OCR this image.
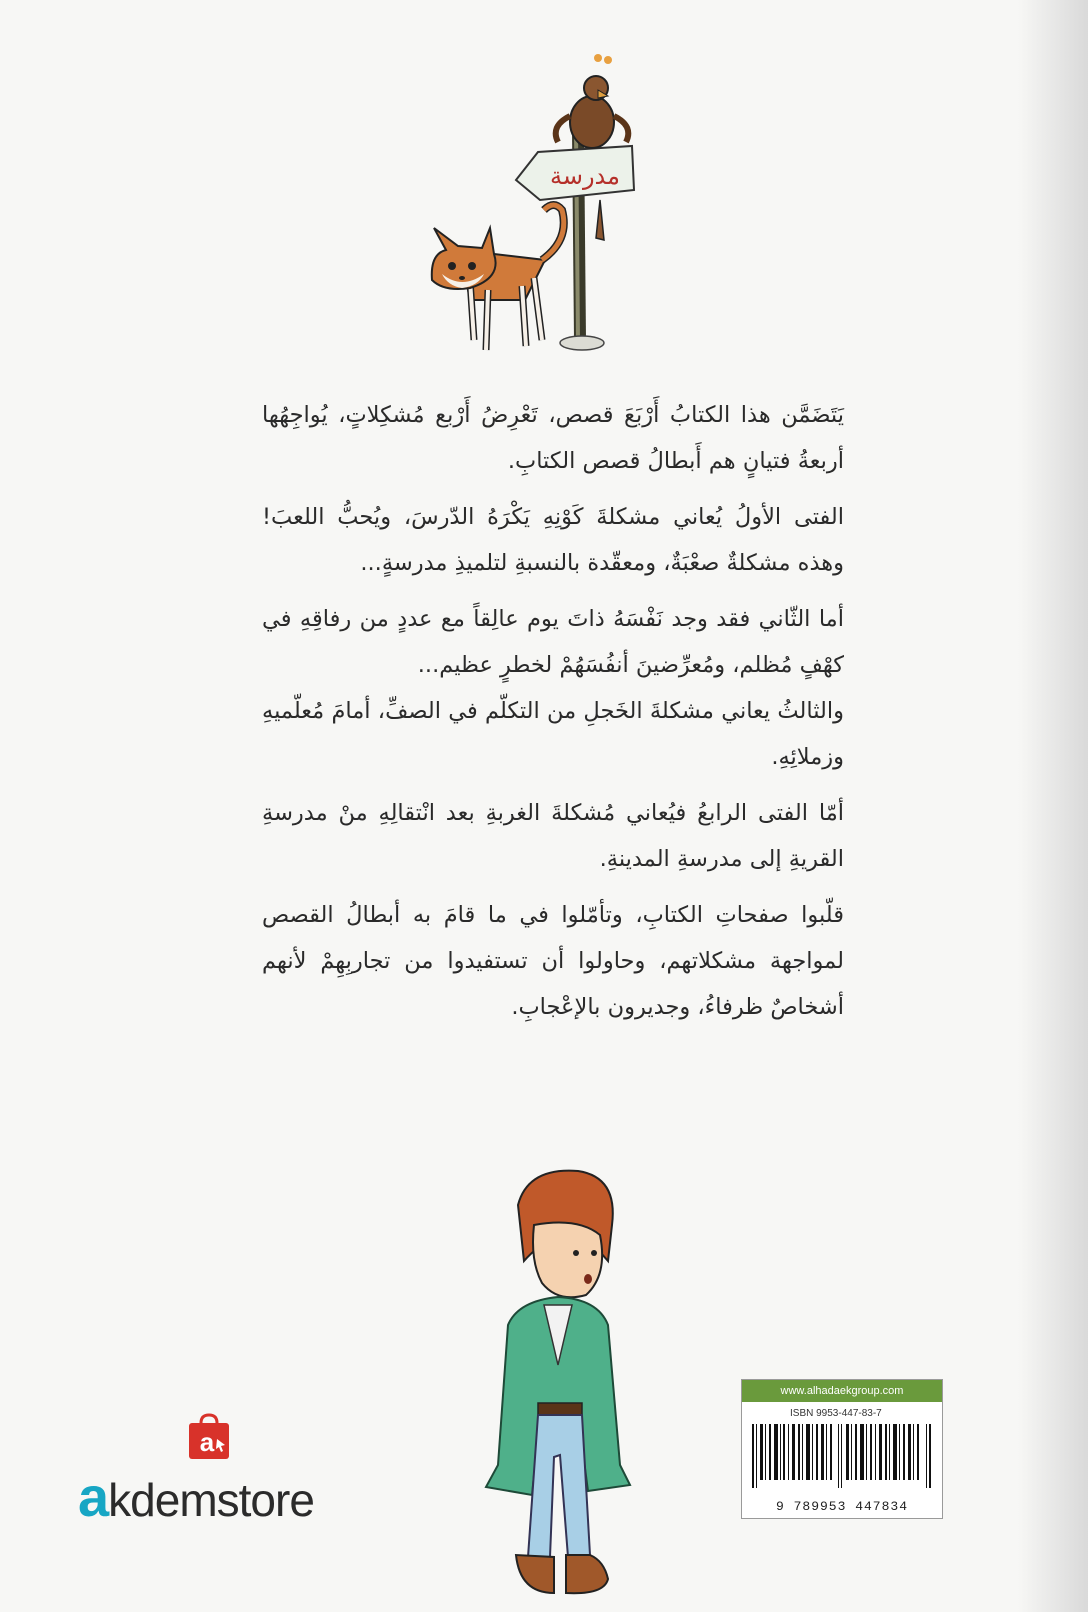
مدرسة

يَتَضَمَّن هذا الكتابُ أَرْبَعَ قصص، تَعْرِضُ أَرْبع مُشكِلاتٍ، يُواجِهُها أربعةُ فتيانٍ هم أَبطالُ قصص الكتابِ.

الفتى الأولُ يُعاني مشكلةَ كَوْنِهِ يَكْرَهُ الدّرسَ، ويُحبُّ اللعبَ! وهذه مشكلةٌ صعْبَةٌ، ومعقّدة بالنسبةِ لتلميذِ مدرسةٍ...

أما الثّاني فقد وجد نَفْسَهُ ذاتَ يوم عالِقاً مع عددٍ من رفاقِهِ في كهْفٍ مُظلم، ومُعرِّضينَ أنفُسَهُمْ لخطرٍ عظيم...

والثالثُ يعاني مشكلةَ الخَجلِ من التكلّم في الصفِّ، أمامَ مُعلّميهِ وزملائِهِ.

أمّا الفتى الرابعُ فيُعاني مُشكلةَ الغربةِ بعد انْتقالِهِ منْ مدرسةِ القريةِ إلى مدرسةِ المدينةِ.

قلّبوا صفحاتِ الكتابِ، وتأمّلوا في ما قامَ به أبطالُ القصص لمواجهة مشكلاتهم، وحاولوا أن تستفيدوا من تجاربِهِمْ لأنهم أشخاصٌ ظرفاءُ، وجديرون بالإعْجابِ.

www.alhadaekgroup.com
ISBN 9953-447-83-7
9 789953 447834
a
akdemstore
